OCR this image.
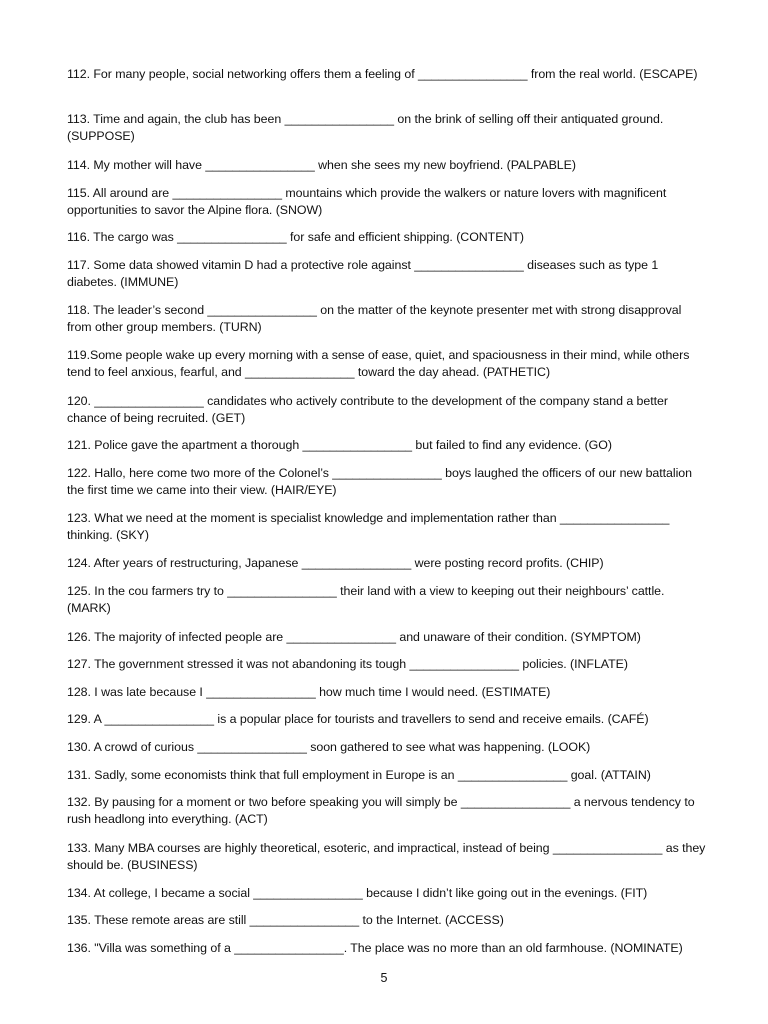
112. For many people, social networking offers them a feeling of ________________ from the real world. (ESCAPE)

113. Time and again, the club has been ________________ on the brink of selling off their antiquated ground. (SUPPOSE)

114. My mother will have ________________ when she sees my new boyfriend. (PALPABLE)

115. All around are ________________ mountains which provide the walkers or nature lovers with magnificent opportunities to savor the Alpine flora. (SNOW)

116. The cargo was ________________ for safe and efficient shipping. (CONTENT)

117. Some data showed vitamin D had a protective role against ________________ diseases such as type 1 diabetes. (IMMUNE)

118. The leader’s second ________________ on the matter of the keynote presenter met with strong disapproval from other group members. (TURN)

119.Some people wake up every morning with a sense of ease, quiet, and spaciousness in their mind, while others tend to feel anxious, fearful, and ________________ toward the day ahead. (PATHETIC)

120. ________________ candidates who actively contribute to the development of the company stand a better chance of being recruited. (GET)

121. Police gave the apartment a thorough ________________ but failed to find any evidence. (GO)

122. Hallo, here come two more of the Colonel’s ________________ boys laughed the officers of our new battalion the first time we came into their view. (HAIR/EYE)

123. What we need at the moment is specialist knowledge and implementation rather than ________________ thinking. (SKY)

124. After years of restructuring, Japanese ________________ were posting record profits. (CHIP)

125. In the cou farmers try to ________________ their land with a view to keeping out their neighbours’ cattle. (MARK)

126. The majority of infected people are ________________ and unaware of their condition. (SYMPTOM)

127. The government stressed it was not abandoning its tough ________________ policies. (INFLATE)

128. I was late because I ________________ how much time I would need. (ESTIMATE)

129. A ________________ is a popular place for tourists and travellers to send and receive emails. (CAFÉ)

130. A crowd of curious ________________ soon gathered to see what was happening. (LOOK)

131. Sadly, some economists think that full employment in Europe is an ________________ goal. (ATTAIN)

132. By pausing for a moment or two before speaking you will simply be ________________ a nervous tendency to rush headlong into everything. (ACT)

133. Many MBA courses are highly theoretical, esoteric, and impractical, instead of being ________________ as they should be. (BUSINESS)

134. At college, I became a social ________________ because I didn’t like going out in the evenings. (FIT)

135. These remote areas are still ________________ to the Internet. (ACCESS)

136. "Villa was something of a ________________. The place was no more than an old farmhouse. (NOMINATE)

5
